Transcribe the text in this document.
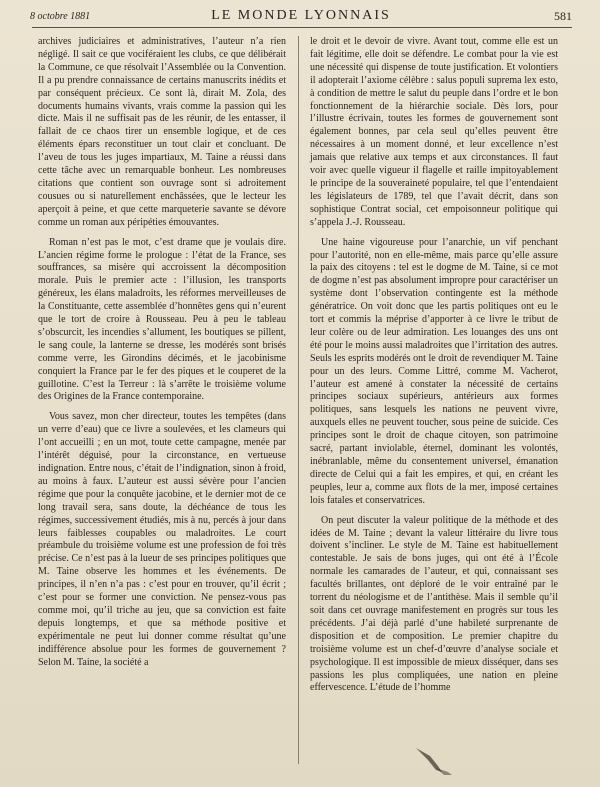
8 octobre 1881	LE MONDE LYONNAIS	581

archives judiciaires et administratives, l’auteur n’a rien négligé. Il sait ce que vociféraient les clubs, ce que délibérait la Commune, ce que résolvait l’Assemblée ou la Convention. Il a pu prendre connaissance de certains manuscrits inédits et par conséquent précieux. Ce sont là, dirait M. Zola, des documents humains vivants, vrais comme la passion qui les dicte. Mais il ne suffisait pas de les réunir, de les entasser, il fallait de ce chaos tirer un ensemble logique, et de ces éléments épars reconstituer un tout clair et concluant. De l’aveu de tous les juges impartiaux, M. Taine a réussi dans cette tâche avec un remarquable bonheur. Les nombreuses citations que contient son ouvrage sont si adroitement cousues ou si naturellement enchâssées, que le lecteur les aperçoit à peine, et que cette marqueterie savante se dévore comme un roman aux péripéties émouvantes.

Roman n’est pas le mot, c’est drame que je voulais dire. L’ancien régime forme le prologue : l’état de la France, ses souffrances, sa misère qui accroissent la décomposition morale. Puis le premier acte : l’illusion, les transports généreux, les élans maladroits, les réformes merveilleuses de la Constituante, cette assemblée d’honnêtes gens qui n’eurent que le tort de croire à Rousseau. Peu à peu le tableau s’obscurcit, les incendies s’allument, les boutiques se pillent, le sang coule, la lanterne se dresse, les modérés sont brisés comme verre, les Girondins décimés, et le jacobinisme conquiert la France par le fer des piques et le couperet de la guillotine. C’est la Terreur : là s’arrête le troisième volume des Origines de la France contemporaine.

Vous savez, mon cher directeur, toutes les tempêtes (dans un verre d’eau) que ce livre a soulevées, et les clameurs qui l’ont accueilli ; en un mot, toute cette campagne, menée par l’intérêt déguisé, pour la circonstance, en vertueuse indignation. Entre nous, c’était de l’indignation, sinon à froid, au moins à faux. L’auteur est aussi sévère pour l’ancien régime que pour la conquête jacobine, et le dernier mot de ce long travail sera, sans doute, la déchéance de tous les régimes, successivement étudiés, mis à nu, percés à jour dans leurs faiblesses coupables ou maladroites. Le court préambule du troisième volume est une profession de foi très précise. Ce n’est pas à la lueur de ses principes politiques que M. Taine observe les hommes et les événements. De principes, il n’en n’a pas : c’est pour en trouver, qu’il écrit ; c’est pour se former une conviction. Ne pensez-vous pas comme moi, qu’il triche au jeu, que sa conviction est faite depuis longtemps, et que sa méthode positive et expérimentale ne peut lui donner comme résultat qu’une indifférence absolue pour les formes de gouvernement ? Selon M. Taine, la société a

le droit et le devoir de vivre. Avant tout, comme elle est un fait légitime, elle doit se défendre. Le combat pour la vie est une nécessité qui dispense de toute justification. Et volontiers il adopterait l’axiome célèbre : salus populi suprema lex esto, à condition de mettre le salut du peuple dans l’ordre et le bon fonctionnement de la hiérarchie sociale. Dès lors, pour l’illustre écrivain, toutes les formes de gouvernement sont également bonnes, par cela seul qu’elles peuvent être nécessaires à un moment donné, et leur excellence n’est jamais que relative aux temps et aux circonstances. Il faut voir avec quelle vigueur il flagelle et raille impitoyablement le principe de la souveraineté populaire, tel que l’entendaient les législateurs de 1789, tel que l’avait décrit, dans son sophistique Contrat social, cet empoisonneur politique qui s’appela J.-J. Rousseau.

Une haine vigoureuse pour l’anarchie, un vif penchant pour l’autorité, non en elle-même, mais parce qu’elle assure la paix des citoyens : tel est le dogme de M. Taine, si ce mot de dogme n’est pas absolument impropre pour caractériser un système dont l’observation contingente est la méthode génératrice. On voit donc que les partis politiques ont eu le tort et commis la méprise d’apporter à ce livre le tribut de leur colère ou de leur admiration. Les louanges des uns ont été pour le moins aussi maladroites que l’irritation des autres. Seuls les esprits modérés ont le droit de revendiquer M. Taine pour un des leurs. Comme Littré, comme M. Vacherot, l’auteur est amené à constater la nécessité de certains principes sociaux supérieurs, antérieurs aux formes politiques, sans lesquels les nations ne peuvent vivre, auxquels elles ne peuvent toucher, sous peine de suicide. Ces principes sont le droit de chaque citoyen, son patrimoine sacré, partant inviolable, éternel, dominant les volontés, inébranlable, même du consentement universel, émanation directe de Celui qui a fait les empires, et qui, en créant les peuples, leur a, comme aux flots de la mer, imposé certaines lois fatales et conservatrices.

On peut discuter la valeur politique de la méthode et des idées de M. Taine ; devant la valeur littéraire du livre tous doivent s’incliner. Le style de M. Taine est habituellement contestable. Je sais de bons juges, qui ont été à l’École normale les camarades de l’auteur, et qui, connaissant ses facultés brillantes, ont déploré de le voir entraîné par le torrent du néologisme et de l’antithèse. Mais il semble qu’il soit dans cet ouvrage manifestement en progrès sur tous les précédents. J’ai déjà parlé d’une habileté surprenante de disposition et de composition. Le premier chapitre du troisième volume est un chef-d’œuvre d’analyse sociale et psychologique. Il est impossible de mieux disséquer, dans ses passions les plus compliquées, une nation en pleine effervescence. L’étude de l’homme
